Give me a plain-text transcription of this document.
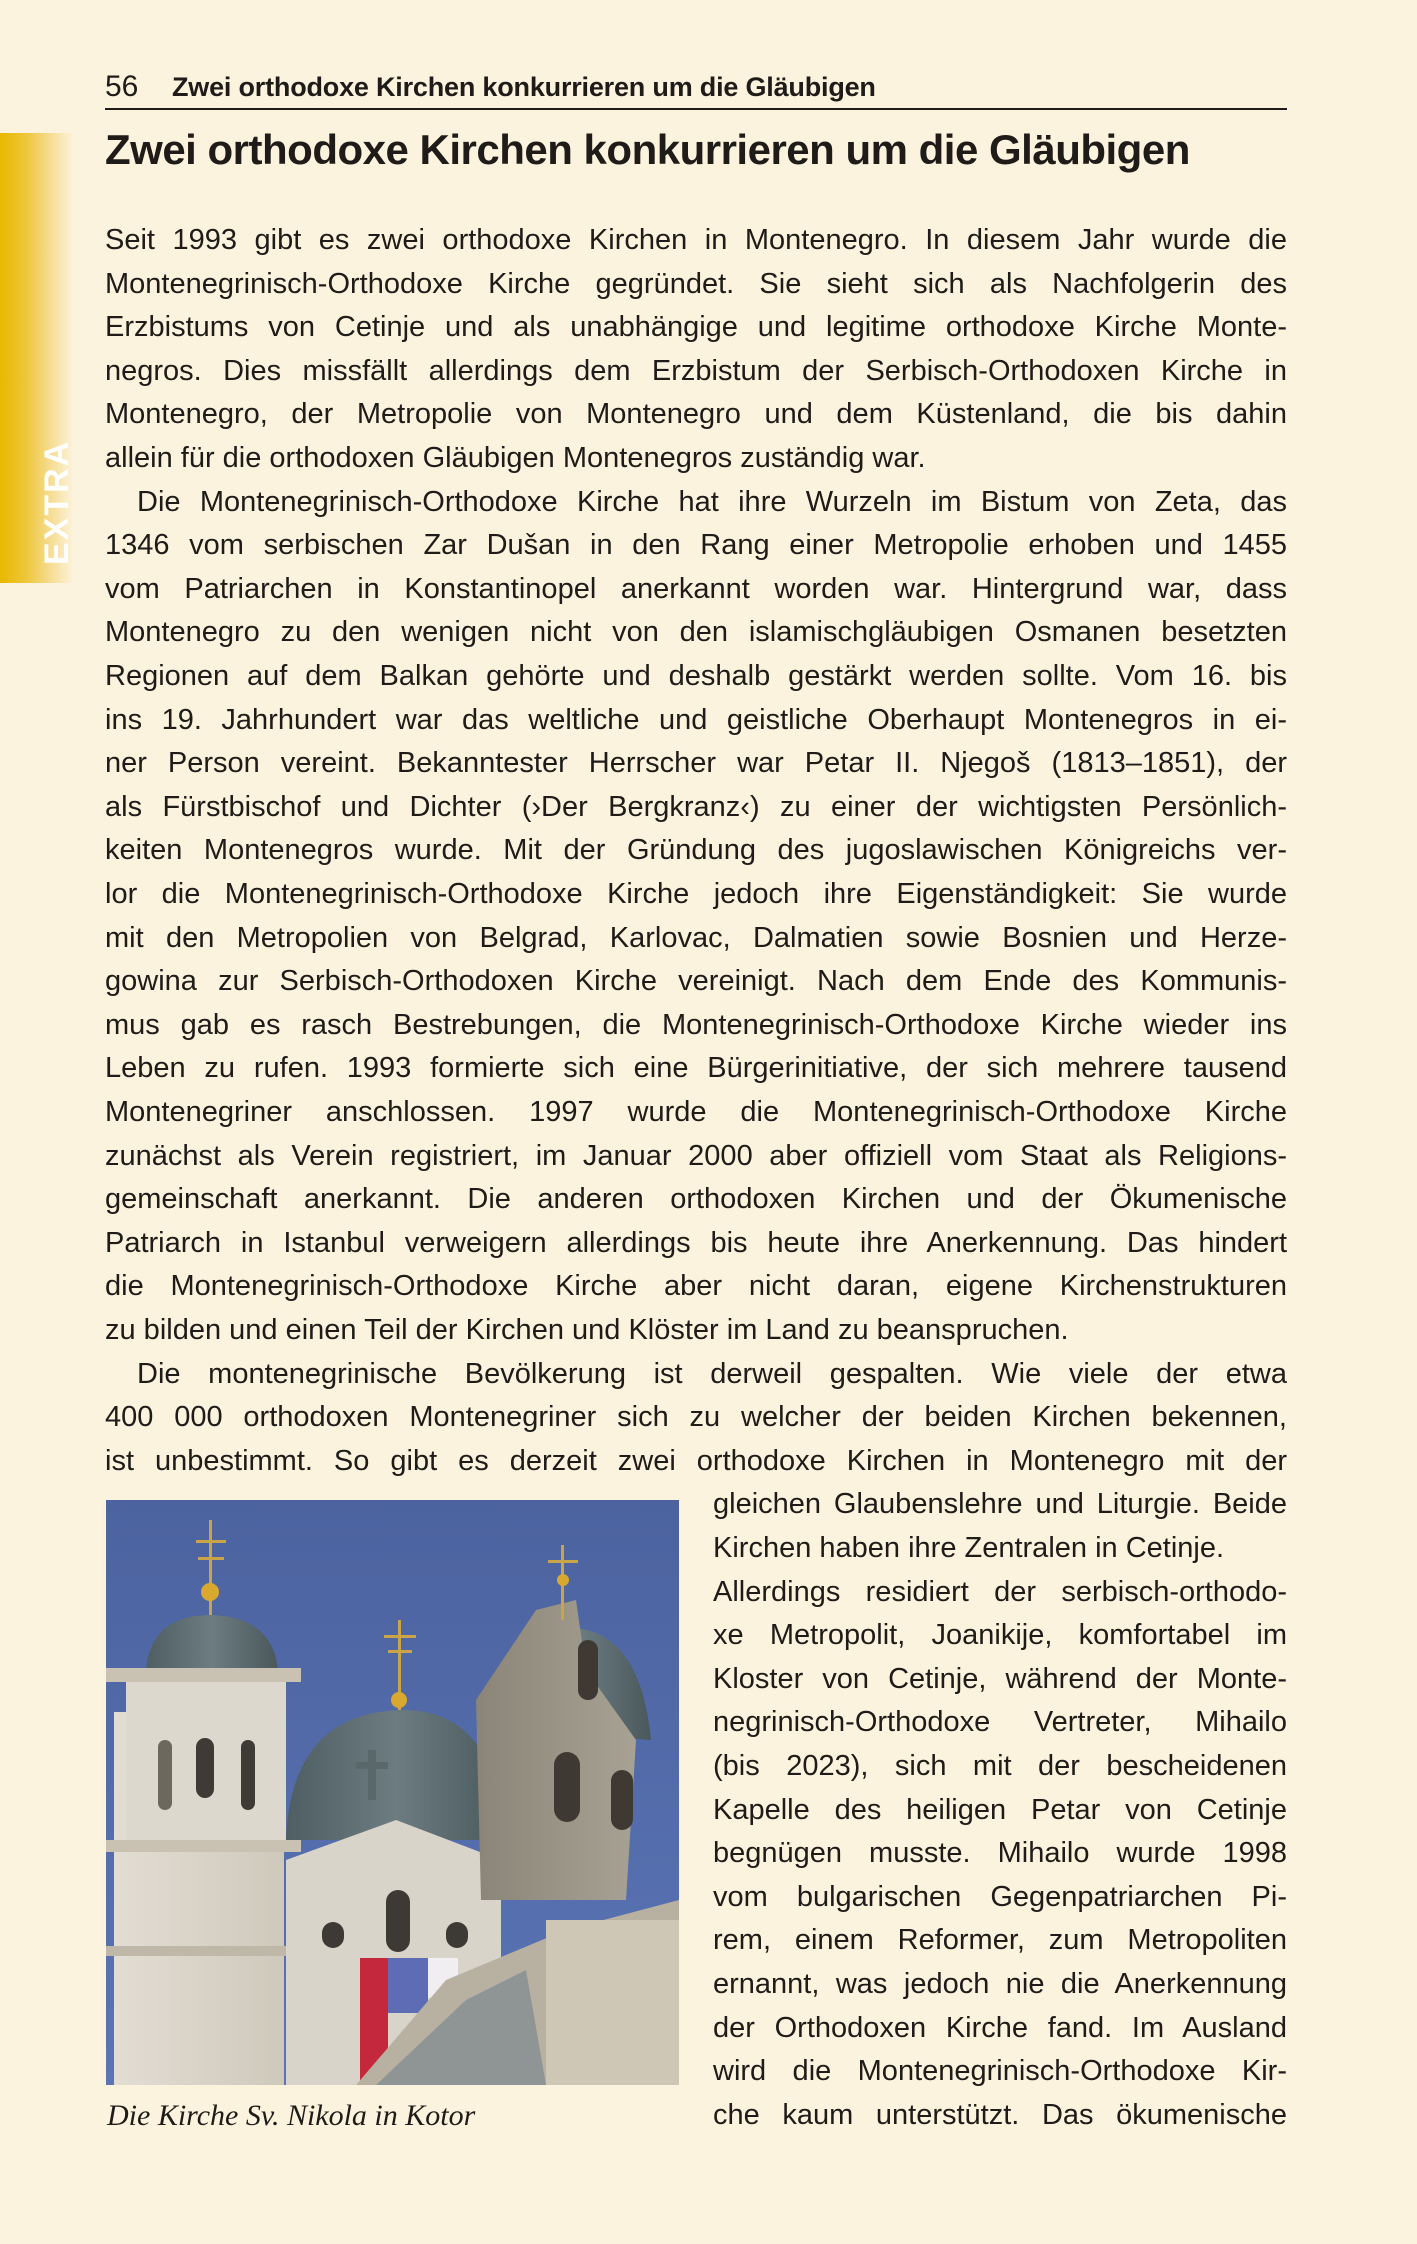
56 Zwei orthodoxe Kirchen konkurrieren um die Gläubigen
EXTRA
Zwei orthodoxe Kirchen konkurrieren um die Gläubigen
Seit 1993 gibt es zwei orthodoxe Kirchen in Montenegro. In diesem Jahr wurde die
Montenegrinisch-Orthodoxe Kirche gegründet. Sie sieht sich als Nachfolgerin des
Erzbistums von Cetinje und als unabhängige und legitime orthodoxe Kirche Monte-
negros. Dies missfällt allerdings dem Erzbistum der Serbisch-Orthodoxen Kirche in
Montenegro, der Metropolie von Montenegro und dem Küstenland, die bis dahin
allein für die orthodoxen Gläubigen Montenegros zuständig war.
Die Montenegrinisch-Orthodoxe Kirche hat ihre Wurzeln im Bistum von Zeta, das
1346 vom serbischen Zar Dušan in den Rang einer Metropolie erhoben und 1455
vom Patriarchen in Konstantinopel anerkannt worden war. Hintergrund war, dass
Montenegro zu den wenigen nicht von den islamischgläubigen Osmanen besetzten
Regionen auf dem Balkan gehörte und deshalb gestärkt werden sollte. Vom 16. bis
ins 19. Jahrhundert war das weltliche und geistliche Oberhaupt Montenegros in ei-
ner Person vereint. Bekanntester Herrscher war Petar II. Njegoš (1813–1851), der
als Fürstbischof und Dichter (›Der Bergkranz‹) zu einer der wichtigsten Persönlich-
keiten Montenegros wurde. Mit der Gründung des jugoslawischen Königreichs ver-
lor die Montenegrinisch-Orthodoxe Kirche jedoch ihre Eigenständigkeit: Sie wurde
mit den Metropolien von Belgrad, Karlovac, Dalmatien sowie Bosnien und Herze-
gowina zur Serbisch-Orthodoxen Kirche vereinigt. Nach dem Ende des Kommunis-
mus gab es rasch Bestrebungen, die Montenegrinisch-Orthodoxe Kirche wieder ins
Leben zu rufen. 1993 formierte sich eine Bürgerinitiative, der sich mehrere tausend
Montenegriner anschlossen. 1997 wurde die Montenegrinisch-Orthodoxe Kirche
zunächst als Verein registriert, im Januar 2000 aber offiziell vom Staat als Religions-
gemeinschaft anerkannt. Die anderen orthodoxen Kirchen und der Ökumenische
Patriarch in Istanbul verweigern allerdings bis heute ihre Anerkennung. Das hindert
die Montenegrinisch-Orthodoxe Kirche aber nicht daran, eigene Kirchenstrukturen
zu bilden und einen Teil der Kirchen und Klöster im Land zu beanspruchen.
Die montenegrinische Bevölkerung ist derweil gespalten. Wie viele der etwa
400 000 orthodoxen Montenegriner sich zu welcher der beiden Kirchen bekennen,
ist unbestimmt. So gibt es derzeit zwei orthodoxe Kirchen in Montenegro mit der
gleichen Glaubenslehre und Liturgie. Beide
Kirchen haben ihre Zentralen in Cetinje.
Allerdings residiert der serbisch-orthodo-
xe Metropolit, Joanikije, komfortabel im
Kloster von Cetinje, während der Monte-
negrinisch-Orthodoxe Vertreter, Mihailo
(bis 2023), sich mit der bescheidenen
Kapelle des heiligen Petar von Cetinje
begnügen musste. Mihailo wurde 1998
vom bulgarischen Gegenpatriarchen Pi-
rem, einem Reformer, zum Metropoliten
ernannt, was jedoch nie die Anerkennung
der Orthodoxen Kirche fand. Im Ausland
wird die Montenegrinisch-Orthodoxe Kir-
che kaum unterstützt. Das ökumenische
Die Kirche Sv. Nikola in Kotor
